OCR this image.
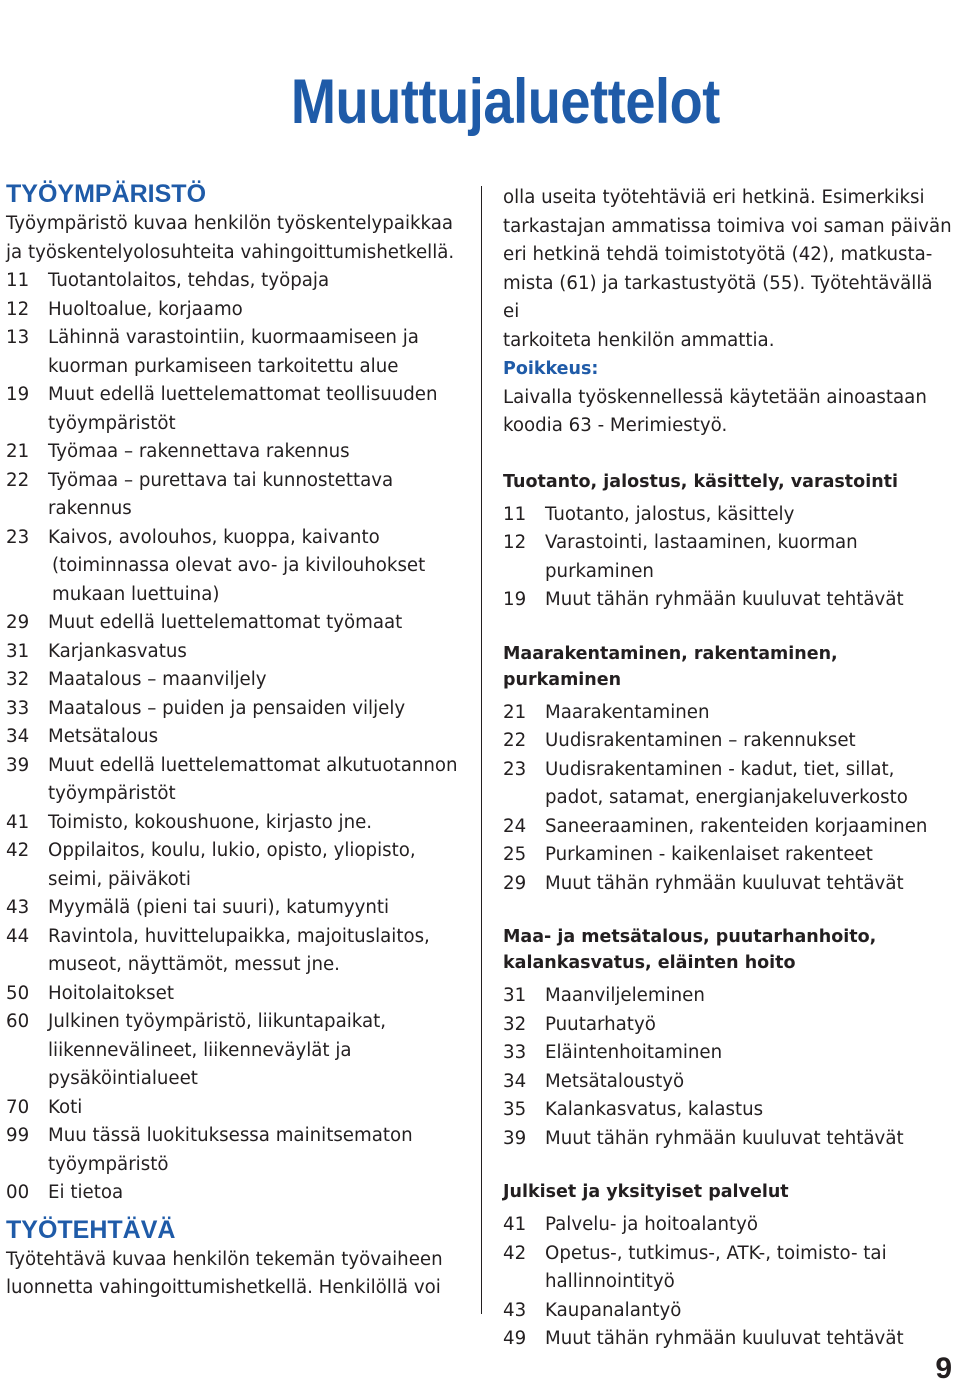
Muuttujaluettelot
TYÖYMPÄRISTÖ

Työympäristö kuvaa henkilön työskentelypaikkaa

ja työskentelyolosuhteita vahingoittumishetkellä.

11	Tuotantolaitos, tehdas, työpaja
12	Huoltoalue, korjaamo
13	Lähinnä varastointiin, kuormaamiseen ja
kuorman purkamiseen tarkoitettu alue
19	Muut edellä luettelemattomat teollisuuden
työympäristöt
21	Työmaa – rakennettava rakennus
22	Työmaa – purettava tai kunnostettava
rakennus
23	Kaivos, avolouhos, kuoppa, kaivanto
(toiminnassa olevat avo- ja kivilouhokset
mukaan luettuina)
29	Muut edellä luettelemattomat työmaat
31	Karjankasvatus
32	Maatalous – maanviljely
33	Maatalous – puiden ja pensaiden viljely
34	Metsätalous
39	Muut edellä luettelemattomat alkutuotannon
työympäristöt
41	Toimisto, kokoushuone, kirjasto jne.
42	Oppilaitos, koulu, lukio, opisto, yliopisto,
seimi, päiväkoti
43	Myymälä (pieni tai suuri), katumyynti
44	Ravintola, huvittelupaikka, majoituslaitos,
museot, näyttämöt, messut jne.
50	Hoitolaitokset
60	Julkinen työympäristö, liikuntapaikat,
liikennevälineet, liikenneväylät ja
pysäköintialueet
70	Koti
99	Muu tässä luokituksessa mainitsematon
työympäristö
00	Ei tietoa
TYÖTEHTÄVÄ

Työtehtävä kuvaa henkilön tekemän työvaiheen

luonnetta vahingoittumishetkellä. Henkilöllä voi

olla useita työtehtäviä eri hetkinä. Esimerkiksi

tarkastajan ammatissa toimiva voi saman päivän

eri hetkinä tehdä toimistotyötä (42), matkusta-

mista (61) ja tarkastustyötä (55). Työtehtävällä ei

tarkoiteta henkilön ammattia.

Poikkeus:

Laivalla työskennellessä käytetään ainoastaan

koodia 63 - Merimiestyö.

Tuotanto, jalostus, käsittely, varastointi

11	Tuotanto, jalostus, käsittely
12	Varastointi, lastaaminen, kuorman
purkaminen
19	Muut tähän ryhmään kuuluvat tehtävät

Maarakentaminen, rakentaminen,

purkaminen

21	Maarakentaminen
22	Uudisrakentaminen – rakennukset
23	Uudisrakentaminen - kadut, tiet, sillat,
padot, satamat, energianjakeluverkosto
24	Saneeraaminen, rakenteiden korjaaminen
25	Purkaminen - kaikenlaiset rakenteet
29	Muut tähän ryhmään kuuluvat tehtävät

Maa- ja metsätalous, puutarhanhoito,

kalankasvatus, eläinten hoito

31	Maanviljeleminen
32	Puutarhatyö
33	Eläintenhoitaminen
34	Metsätaloustyö
35	Kalankasvatus, kalastus
39	Muut tähän ryhmään kuuluvat tehtävät

Julkiset ja yksityiset palvelut

41	Palvelu- ja hoitoalantyö
42	Opetus-, tutkimus-, ATK-, toimisto- tai
hallinnointityö
43	Kaupanalantyö
49	Muut tähän ryhmään kuuluvat tehtävät
9
